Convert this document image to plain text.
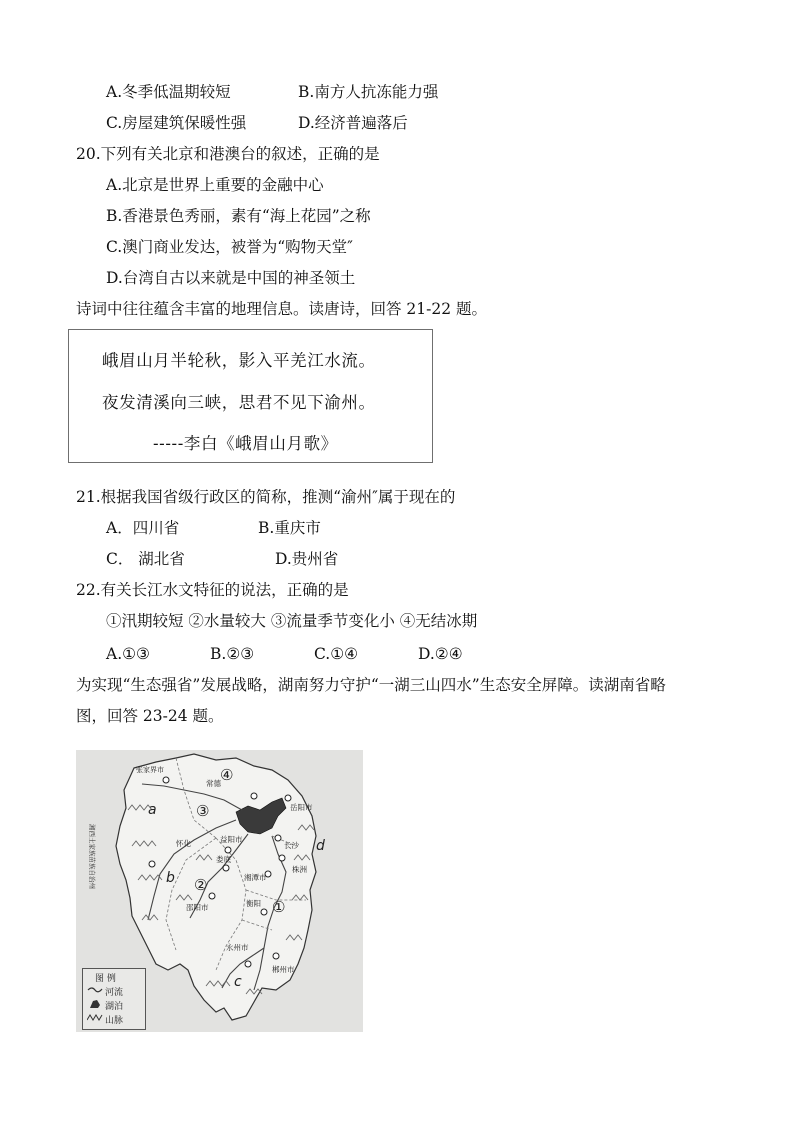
A.冬季低温期较短	B.南方人抗冻能力强
C.房屋建筑保暖性强	D.经济普遍落后
20.下列有关北京和港澳台的叙述，正确的是
A.北京是世界上重要的金融中心
B.香港景色秀丽，素有“海上花园”之称
C.澳门商业发达，被誉为“购物天堂″
D.台湾自古以来就是中国的神圣领土
诗词中往往蕴含丰富的地理信息。读唐诗，回答 21-22 题。
峨眉山月半轮秋，影入平羌江水流。
夜发清溪向三峡，思君不见下渝州。
-----李白《峨眉山月歌》
21.根据我国省级行政区的简称，推测“渝州″属于现在的
A．四川省	B.重庆市
C． 湖北省	D.贵州省
22.有关长江水文特征的说法，正确的是
①汛期较短 ②水量较大 ③流量季节变化小 ④无结冰期
A.①③	B.②③	C.①④	D.②④
为实现“生态强省”发展战略，湖南努力守护“一湖三山四水”生态安全屏障。读湖南省略
图，回答 23-24 题。
a
b
c
d
①
②
③
④
常德
益阳市
岳阳市
长沙
株洲
湘潭市
娄底
衡阳
邵阳市
怀化
永州市
郴州市
张家界市
湘西土家族苗族自治州
图 例
河流
湖泊
山脉
